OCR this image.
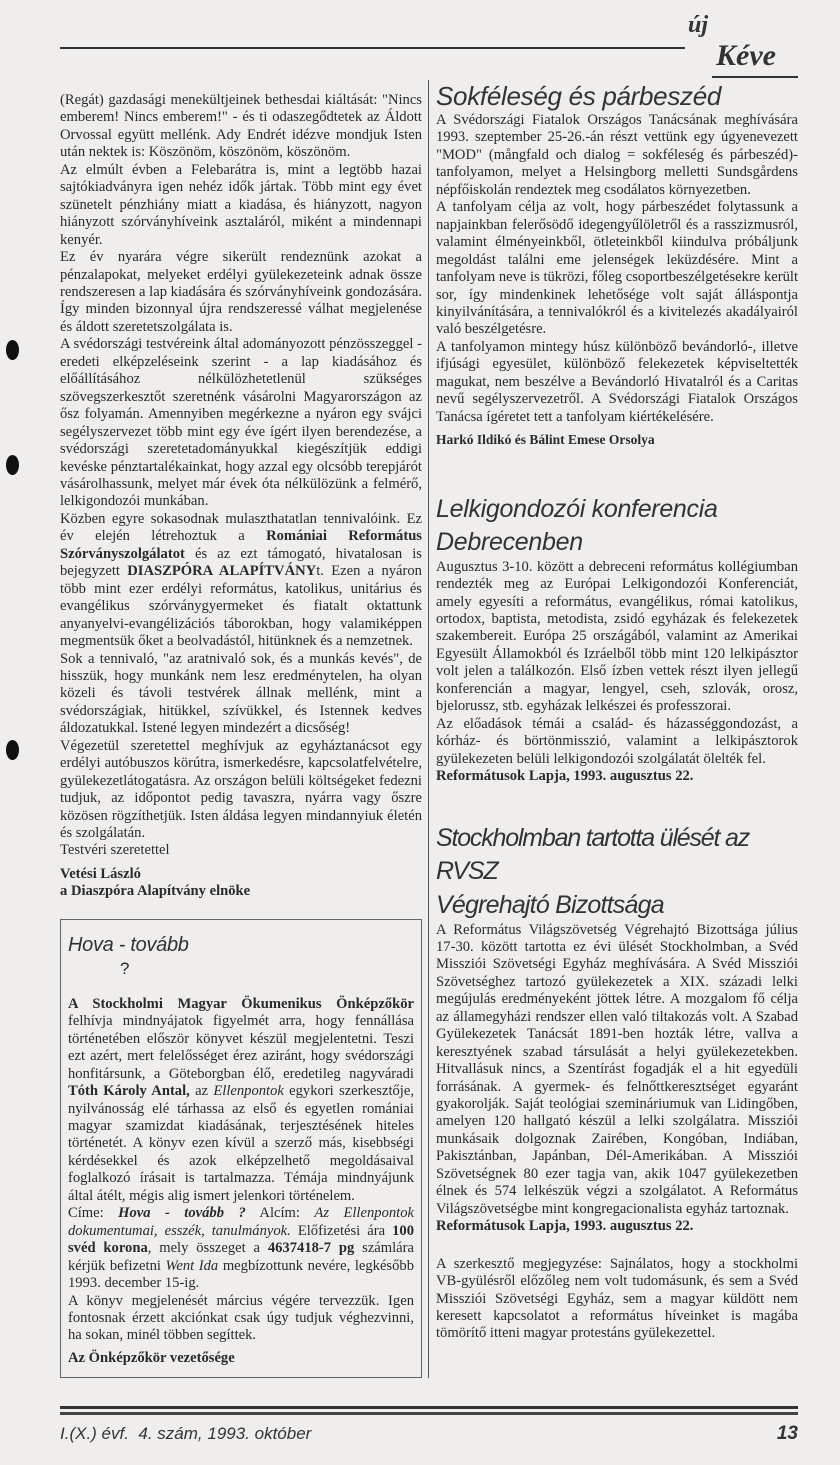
új
Kéve

(Regát) gazdasági menekültjeinek bethesdai kiáltását: "Nincs emberem! Nincs emberem!" - és ti odaszegődtetek az Áldott Orvossal együtt mellénk. Ady Endrét idézve mondjuk Isten után nektek is: Köszönöm, köszönöm, köszönöm.

Az elmúlt évben a Felebarátra is, mint a legtöbb hazai sajtókiadványra igen nehéz idők jártak. Több mint egy évet szünetelt pénzhiány miatt a kiadása, és hiányzott, nagyon hiányzott szórványhíveink asztaláról, miként a mindennapi kenyér.

Ez év nyarára végre sikerült rendeznünk azokat a pénzalapokat, melyeket erdélyi gyülekezeteink adnak össze rendszeresen a lap kiadására és szórványhíveink gondozására. Így minden bizonnyal újra rendszeressé válhat megjelenése és áldott szeretetszolgálata is.

A svédországi testvéreink által adományozott pénzösszeggel - eredeti elképzeléseink szerint - a lap kiadásához és előállításához nélkülözhetetlenül szükséges szövegszerkesztőt szeretnénk vásárolni Magyarországon az ősz folyamán. Amennyiben megérkezne a nyáron egy svájci segélyszervezet több mint egy éve ígért ilyen berendezése, a svédországi szeretetadományukkal kiegészítjük eddigi kevéske pénztartalékainkat, hogy azzal egy olcsóbb terepjárót vásárolhassunk, melyet már évek óta nélkülözünk a felmérő, lelkigondozói munkában.

Közben egyre sokasodnak mulaszthatatlan tennivalóink. Ez év elején létrehoztuk a Romániai Református Szórványszolgálatot és az ezt támogató, hivatalosan is bejegyzett DIASZPÓRA ALAPÍTVÁNYt. Ezen a nyáron több mint ezer erdélyi református, katolikus, unitárius és evangélikus szórványgyermeket és fiatalt oktattunk anyanyelvi-evangélizációs táborokban, hogy valamiképpen megmentsük őket a beolvadástól, hitünknek és a nemzetnek.

Sok a tennivaló, "az aratnivaló sok, és a munkás kevés", de hisszük, hogy munkánk nem lesz eredménytelen, ha olyan közeli és távoli testvérek állnak mellénk, mint a svédországiak, hitükkel, szívükkel, és Istennek kedves áldozatukkal. Istené legyen mindezért a dicsőség!

Végezetül szeretettel meghívjuk az egyháztanácsot egy erdélyi autóbuszos körútra, ismerkedésre, kapcsolatfelvételre, gyülekezetlátogatásra. Az országon belüli költségeket fedezni tudjuk, az időpontot pedig tavaszra, nyárra vagy őszre közösen rögzíthetjük. Isten áldása legyen mindannyiuk életén és szolgálatán.

Testvéri szeretettel

Vetési László

a Diaszpóra Alapítvány elnöke

Hova - tovább
?

A Stockholmi Magyar Ökumenikus Önképzőkör felhívja mindnyájatok figyelmét arra, hogy fennállása történetében először könyvet készül megjelentetni. Teszi ezt azért, mert felelősséget érez aziránt, hogy svédországi honfitársunk, a Göteborgban élő, eredetileg nagyváradi Tóth Károly Antal, az Ellenpontok egykori szerkesztője, nyilvánosság elé tárhassa az első és egyetlen romániai magyar szamizdat kiadásának, terjesztésének hiteles történetét. A könyv ezen kívül a szerző más, kisebbségi kérdésekkel és azok elképzelhető megoldásaival foglalkozó írásait is tartalmazza. Témája mindnyájunk által átélt, mégis alig ismert jelenkori történelem.

Címe: Hova - tovább ? Alcím: Az Ellenpontok dokumentumai, esszék, tanulmányok. Előfizetési ára 100 svéd korona, mely összeget a 4637418-7 pg számlára kérjük befizetni Went Ida megbízottunk nevére, legkésőbb 1993. december 15-ig.

A könyv megjelenését március végére tervezzük. Igen fontosnak érzett akciónkat csak úgy tudjuk véghezvinni, ha sokan, minél többen segíttek.

Az Önképzőkör vezetősége

Sokféleség és párbeszéd

A Svédországi Fiatalok Országos Tanácsának meghívására 1993. szeptember 25-26.-án részt vettünk egy úgyenevezett "MOD" (mångfald och dialog = sokféleség és párbeszéd)-tanfolyamon, melyet a Helsingborg melletti Sundsgårdens népfőiskolán rendeztek meg csodálatos környezetben.

A tanfolyam célja az volt, hogy párbeszédet folytassunk a napjainkban felerősödő idegengyűlöletről és a rasszizmusról, valamint élményeinkből, ötleteinkből kiindulva próbáljunk megoldást találni eme jelenségek leküzdésére. Mint a tanfolyam neve is tükrözi, főleg csoportbeszélgetésekre került sor, így mindenkinek lehetősége volt saját álláspontja kinyilvánítására, a tennivalókról és a kivitelezés akadályairól való beszélgetésre.

A tanfolyamon mintegy húsz különböző bevándorló-, illetve ifjúsági egyesület, különböző felekezetek képviseltették magukat, nem beszélve a Bevándorló Hivatalról és a Caritas nevű segélyszervezetről. A Svédországi Fiatalok Országos Tanácsa ígéretet tett a tanfolyam kiértékelésére.

Harkó Ildikó és Bálint Emese Orsolya

Lelkigondozói konferencia
Debrecenben

Augusztus 3-10. között a debreceni református kollégiumban rendezték meg az Európai Lelkigondozói Konferenciát, amely egyesíti a református, evangélikus, római katolikus, ortodox, baptista, metodista, zsidó egyházak és felekezetek szakembereit. Európa 25 országából, valamint az Amerikai Egyesült Államokból és Izráelből több mint 120 lelkipásztor volt jelen a találkozón. Első ízben vettek részt ilyen jellegű konferencián a magyar, lengyel, cseh, szlovák, orosz, bjelorussz, stb. egyházak lelkészei és professzorai.

Az előadások témái a család- és házasséggondozást, a kórház- és börtönmisszió, valamint a lelkipásztorok gyülekezeten belüli lelkigondozói szolgálatát ölelték fel.

Reformátusok Lapja, 1993. augusztus 22.

Stockholmban tartotta ülését az RVSZ
Végrehajtó Bizottsága

A Református Világszövetség Végrehajtó Bizottsága július 17-30. között tartotta ez évi ülését Stockholmban, a Svéd Missziói Szövetségi Egyház meghívására. A Svéd Missziói Szövetséghez tartozó gyülekezetek a XIX. századi lelki megújulás eredményeként jöttek létre. A mozgalom fő célja az államegyházi rendszer ellen való tiltakozás volt. A Szabad Gyülekezetek Tanácsát 1891-ben hozták létre, vallva a keresztyének szabad társulását a helyi gyülekezetekben. Hitvallásuk nincs, a Szentírást fogadják el a hit egyedüli forrásának. A gyermek- és felnőttkeresztséget egyaránt gyakorolják. Saját teológiai szemináriumuk van Lidingőben, amelyen 120 hallgató készül a lelki szolgálatra. Missziói munkásaik dolgoznak Zairében, Kongóban, Indiában, Pakisztánban, Japánban, Dél-Amerikában. A Missziói Szövetségnek 80 ezer tagja van, akik 1047 gyülekezetben élnek és 574 lelkészük végzi a szolgálatot. A Református Világszövetségbe mint kongregacionalista egyház tartoznak.

Reformátusok Lapja, 1993. augusztus 22.

A szerkesztő megjegyzése: Sajnálatos, hogy a stockholmi VB-gyülésről előzőleg nem volt tudomásunk, és sem a Svéd Missziói Szövetségi Egyház, sem a magyar küldött nem keresett kapcsolatot a református híveinket is magába tömörítő itteni magyar protestáns gyülekezettel.

I.(X.) évf.  4. szám, 1993. október	13
